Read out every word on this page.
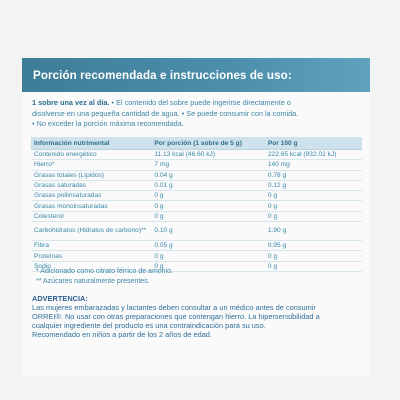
Porción recomendada e instrucciones de uso:
1 sobre una vez al día. • El contenido del sobre puede ingerirse directamente o
disolverse en una pequeña cantidad de agua. • Se puede consumir con la comida.
• No exceder la porción máxima recomendada.
Información nutrimental	Por porción (1 sobre de 5 g)	Por 100 g
Contenido energético	11.13 kcal (46.60 kJ)	222.65 kcal (932.02 kJ)
Hierro*	7 mg	140 mg
Grasas totales (Lípidos)	0.04 g	0.78 g
Grasas saturadas	0.01 g	0.12 g
Grasas poliinsaturadas	0 g	0 g
Grasas monoinsaturadas	0 g	0 g
Colesterol	0 g	0 g
Carbohidratos (Hidratos de carbono)**	0.10 g	1.90 g
Fibra	0.05 g	0.95 g
Proteínas	0 g	0 g
Sodio	0 g	0 g
* Adicionado como citrato férrico de amonio.
** Azúcares naturalmente presentes.
ADVERTENCIA:
Las mujeres embarazadas y lactantes deben consultar a un médico antes de consumir
ORREI®. No usar con otras preparaciones que contengan hierro. La hipersensibilidad a
cualquier ingrediente del producto es una contraindicación para su uso.
Recomendado en niños a partir de los 2 años de edad.
